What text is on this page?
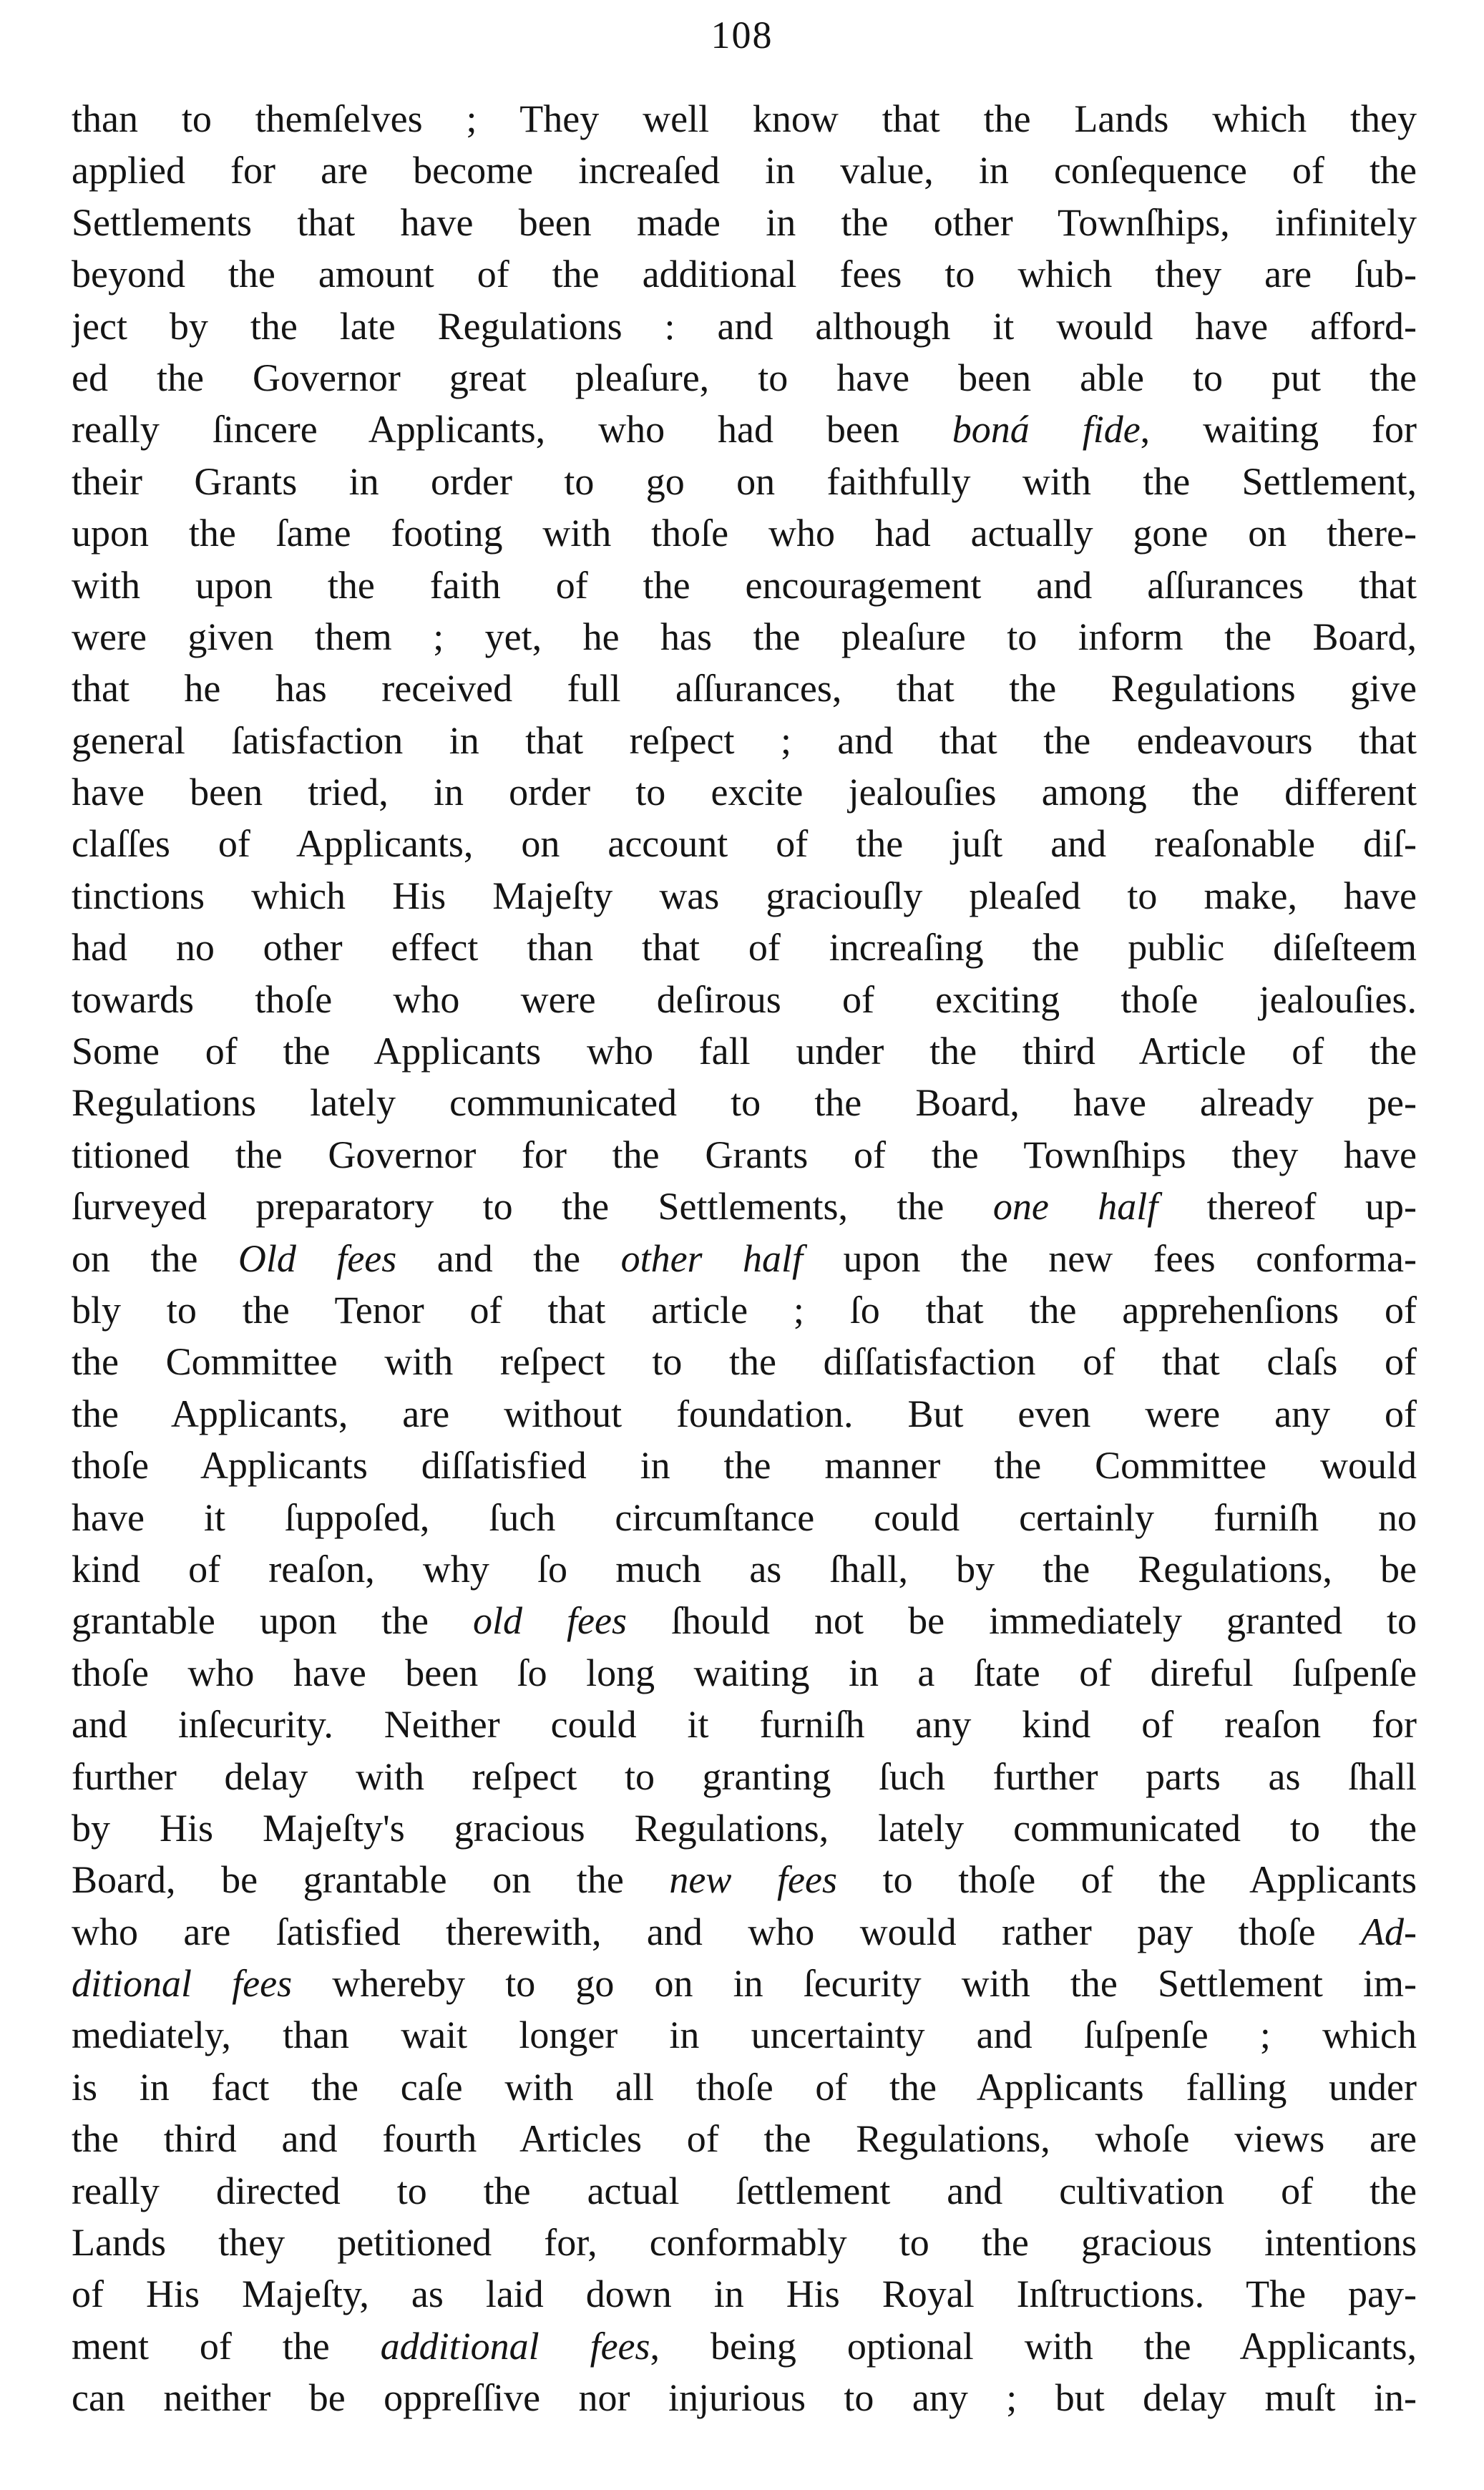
108
than to themſelves ; They well know that the Lands which they
applied for are become increaſed in value, in conſequence of the
Settlements that have been made in the other Townſhips, infinitely
beyond the amount of the additional fees to which they are ſub-
ject by the late Regulations : and although it would have afford-
ed the Governor great pleaſure, to have been able to put the
really ſincere Applicants, who had been boná fide, waiting for
their Grants in order to go on faithfully with the Settlement,
upon the ſame footing with thoſe who had actually gone on there-
with upon the faith of the encouragement and aſſurances that
were given them ; yet, he has the pleaſure to inform the Board,
that he has received full aſſurances, that the Regulations give
general ſatisfaction in that reſpect ; and that the endeavours that
have been tried, in order to excite jealouſies among the different
claſſes of Applicants, on account of the juſt and reaſonable diſ-
tinctions which His Majeſty was graciouſly pleaſed to make, have
had no other effect than that of increaſing the public diſeſteem
towards thoſe who were deſirous of exciting thoſe jealouſies.
Some of the Applicants who fall under the third Article of the
Regulations lately communicated to the Board, have already pe-
titioned the Governor for the Grants of the Townſhips they have
ſurveyed preparatory to the Settlements, the one half thereof up-
on the Old fees and the other half upon the new fees conforma-
bly to the Tenor of that article ; ſo that the apprehenſions of
the Committee with reſpect to the diſſatisfaction of that claſs of
the Applicants, are without foundation. But even were any of
thoſe Applicants diſſatisfied in the manner the Committee would
have it ſuppoſed, ſuch circumſtance could certainly furniſh no
kind of reaſon, why ſo much as ſhall, by the Regulations, be
grantable upon the old fees ſhould not be immediately granted to
thoſe who have been ſo long waiting in a ſtate of direful ſuſpenſe
and inſecurity. Neither could it furniſh any kind of reaſon for
further delay with reſpect to granting ſuch further parts as ſhall
by His Majeſty's gracious Regulations, lately communicated to the
Board, be grantable on the new fees to thoſe of the Applicants
who are ſatisfied therewith, and who would rather pay thoſe Ad-
ditional fees whereby to go on in ſecurity with the Settlement im-
mediately, than wait longer in uncertainty and ſuſpenſe ; which
is in fact the caſe with all thoſe of the Applicants falling under
the third and fourth Articles of the Regulations, whoſe views are
really directed to the actual ſettlement and cultivation of the
Lands they petitioned for, conformably to the gracious intentions
of His Majeſty, as laid down in His Royal Inſtructions. The pay-
ment of the additional fees, being optional with the Applicants,
can neither be oppreſſive nor injurious to any ; but delay muſt in-
